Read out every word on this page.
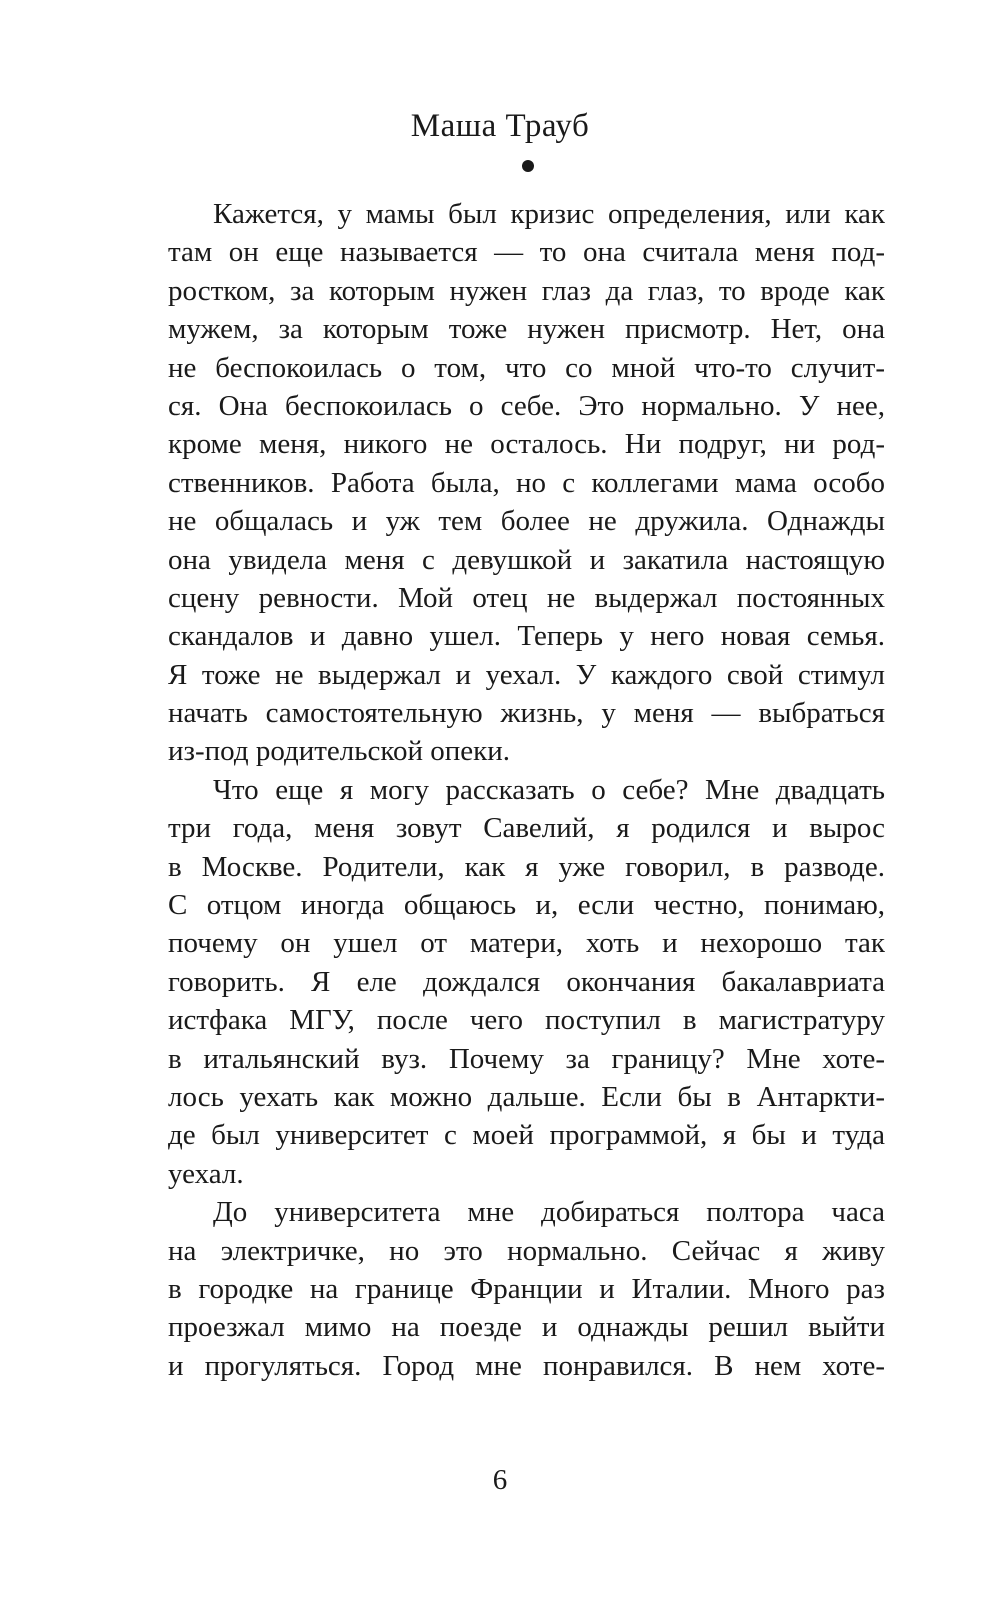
Маша Трауб
Кажется, у мамы был кризис определения, или как
там он еще называется — то она считала меня под-
ростком, за которым нужен глаз да глаз, то вроде как
мужем, за которым тоже нужен присмотр. Нет, она
не беспокоилась о том, что со мной что-то случит-
ся. Она беспокоилась о себе. Это нормально. У нее,
кроме меня, никого не осталось. Ни подруг, ни род-
ственников. Работа была, но с коллегами мама особо
не общалась и уж тем более не дружила. Однажды
она увидела меня с девушкой и закатила настоящую
сцену ревности. Мой отец не выдержал постоянных
скандалов и давно ушел. Теперь у него новая семья.
Я тоже не выдержал и уехал. У каждого свой стимул
начать самостоятельную жизнь, у меня — выбраться
из-под родительской опеки.
Что еще я могу рассказать о себе? Мне двадцать
три года, меня зовут Савелий, я родился и вырос
в Москве. Родители, как я уже говорил, в разводе.
С отцом иногда общаюсь и, если честно, понимаю,
почему он ушел от матери, хоть и нехорошо так
говорить. Я еле дождался окончания бакалавриата
истфака МГУ, после чего поступил в магистратуру
в итальянский вуз. Почему за границу? Мне хоте-
лось уехать как можно дальше. Если бы в Антаркти-
де был университет с моей программой, я бы и туда
уехал.
До университета мне добираться полтора часа
на электричке, но это нормально. Сейчас я живу
в городке на границе Франции и Италии. Много раз
проезжал мимо на поезде и однажды решил выйти
и прогуляться. Город мне понравился. В нем хоте-
6
